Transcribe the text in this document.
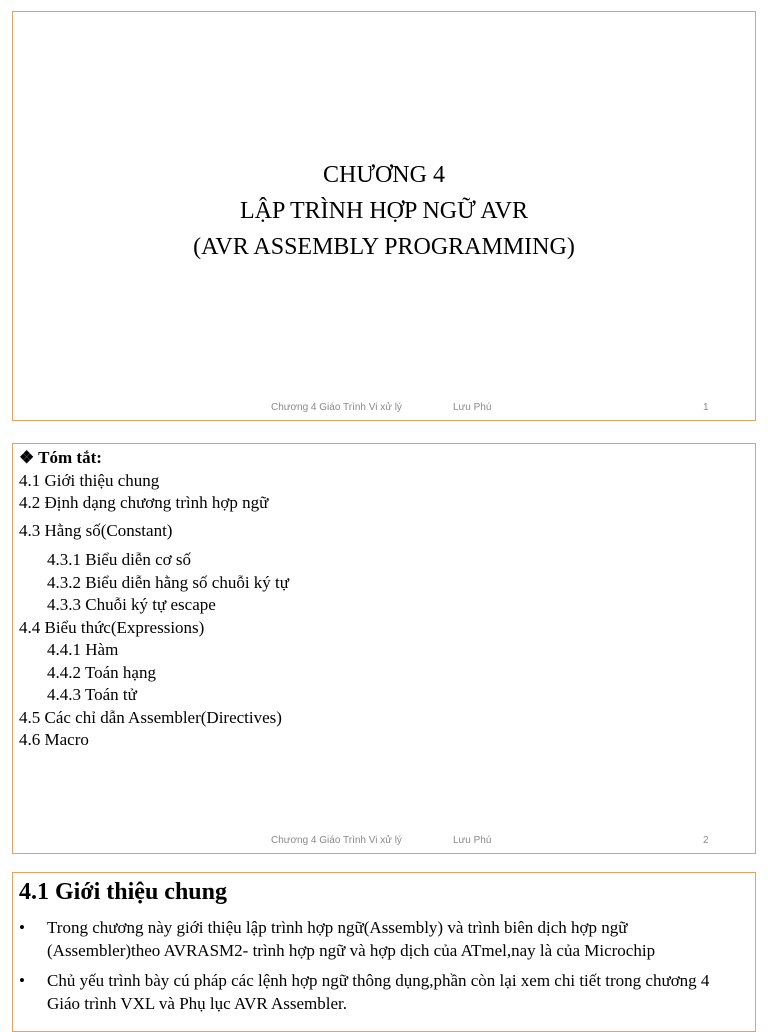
CHƯƠNG 4
LẬP TRÌNH HỢP NGỮ AVR
(AVR ASSEMBLY PROGRAMMING)
Chương 4 Giáo Trình Vi xử lý	Lưu Phú	1
❖ Tóm tắt:
4.1 Giới thiệu chung
4.2 Định dạng chương trình hợp ngữ
4.3 Hằng số(Constant)
4.3.1 Biểu diễn cơ số
4.3.2 Biểu diễn hằng số chuỗi ký tự
4.3.3 Chuỗi ký tự escape
4.4 Biểu thức(Expressions)
4.4.1 Hàm
4.4.2 Toán hạng
4.4.3 Toán tử
4.5 Các chỉ dẫn Assembler(Directives)
4.6 Macro
Chương 4 Giáo Trình Vi xử lý	Lưu Phú	2
4.1 Giới thiệu chung
• Trong chương này giới thiệu lập trình hợp ngữ(Assembly) và trình biên dịch hợp ngữ (Assembler)theo AVRASM2- trình hợp ngữ và hợp dịch của ATmel,nay là của Microchip
• Chủ yếu trình bày cú pháp các lệnh hợp ngữ thông dụng,phần còn lại xem chi tiết trong chương 4 Giáo trình VXL và Phụ lục AVR Assembler.
